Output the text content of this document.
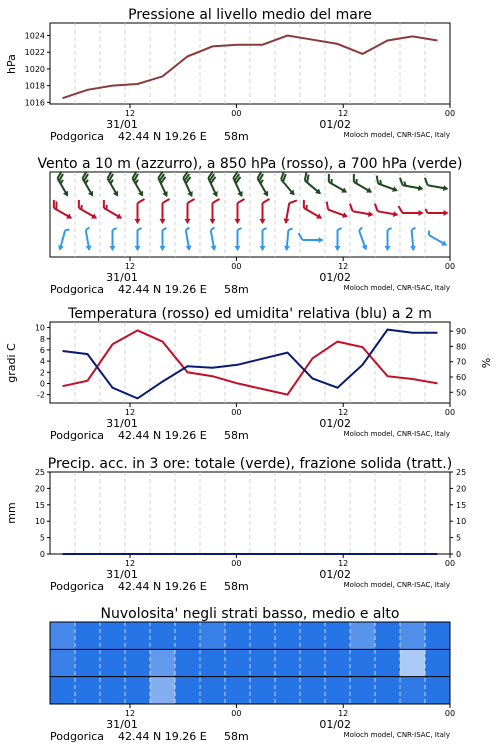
Pressione al livello medio del mare
1016
1018
1020
1022
1024
hPa
12	00	12	00
31/01	01/02
Podgorica 42.44 N 19.26 E 58m	Moloch model, CNR-ISAC, Italy
Vento a 10 m (azzurro), a 850 hPa (rosso), a 700 hPa (verde)
12	00	12	00
31/01	01/02
Podgorica 42.44 N 19.26 E 58m	Moloch model, CNR-ISAC, Italy
Temperatura (rosso) ed umidita' relativa (blu) a 2 m
-2
0
2
4
6
8
10
50
60
70
80
90
gradi C	%
12	00	12	00
31/01	01/02
Podgorica 42.44 N 19.26 E 58m	Moloch model, CNR-ISAC, Italy
Precip. acc. in 3 ore: totale (verde), frazione solida (tratt.)
0
5
10
15
20
25
0
5
10
15
20
25
mm
12	00	12	00
31/01	01/02
Podgorica 42.44 N 19.26 E 58m	Moloch model, CNR-ISAC, Italy
Nuvolosita' negli strati basso, medio e alto
12	00	12	00
31/01	01/02
Podgorica 42.44 N 19.26 E 58m	Moloch model, CNR-ISAC, Italy
